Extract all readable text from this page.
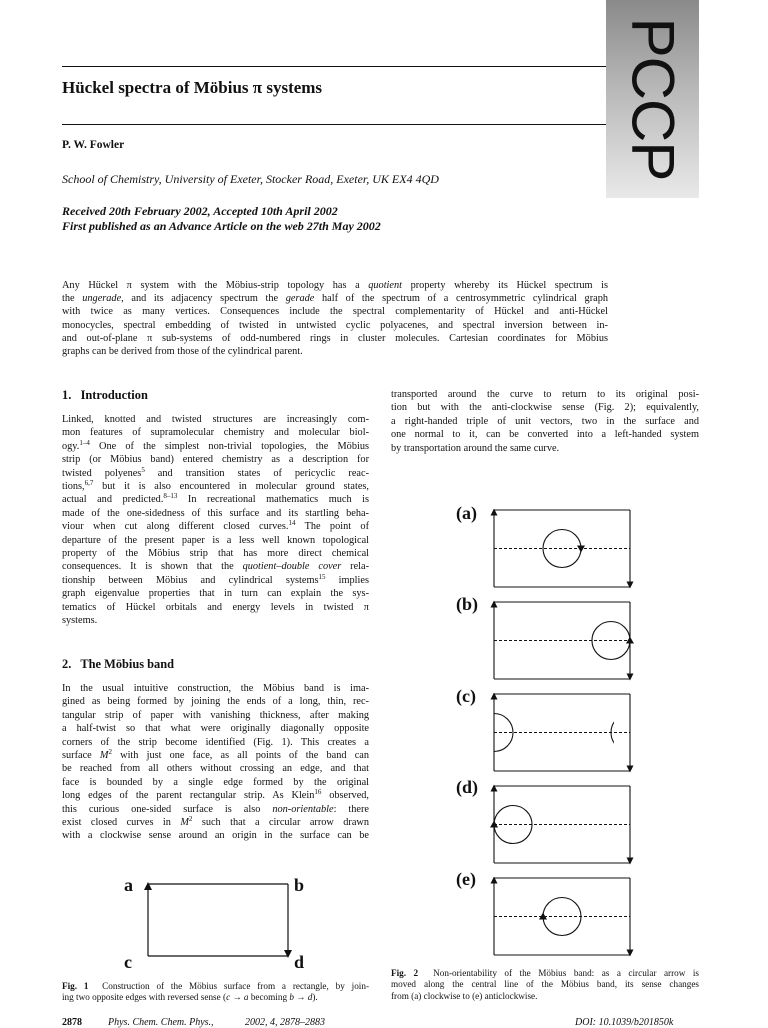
PCCP
Hückel spectra of Möbius π systems
P. W. Fowler
School of Chemistry, University of Exeter, Stocker Road, Exeter, UK EX4 4QD
Received 20th February 2002, Accepted 10th April 2002
First published as an Advance Article on the web 27th May 2002
Any Hückel π system with the Möbius-strip topology has a quotient property whereby its Hückel spectrum is
the ungerade, and its adjacency spectrum the gerade half of the spectrum of a centrosymmetric cylindrical graph
with twice as many vertices. Consequences include the spectral complementarity of Hückel and anti-Hückel
monocycles, spectral embedding of twisted in untwisted cyclic polyacenes, and spectral inversion between in-
and out-of-plane π sub-systems of odd-numbered rings in cluster molecules. Cartesian coordinates for Möbius
graphs can be derived from those of the cylindrical parent.
1. Introduction
Linked, knotted and twisted structures are increasingly com-
mon features of supramolecular chemistry and molecular biol-
ogy.$^{1-4}$ One of the simplest non-trivial topologies, the Möbius
strip (or Möbius band) entered chemistry as a description for
twisted polyenes$^5$ and transition states of pericyclic reac-
tions,$^{6,7}$ but it is also encountered in molecular ground states,
actual and predicted.$^{8-13}$ In recreational mathematics much is
made of the one-sidedness of this surface and its startling beha-
viour when cut along different closed curves.$^{14}$ The point of
departure of the present paper is a less well known topological
property of the Möbius strip that has more direct chemical
consequences. It is shown that the quotient–double cover rela-
tionship between Möbius and cylindrical systems$^{15}$ implies
graph eigenvalue properties that in turn can explain the sys-
tematics of Hückel orbitals and energy levels in twisted π
systems.
2. The Möbius band
In the usual intuitive construction, the Möbius band is ima-
gined as being formed by joining the ends of a long, thin, rec-
tangular strip of paper with vanishing thickness, after making
a half-twist so that what were originally diagonally opposite
corners of the strip become identified (Fig. 1). This creates a
surface $M^2$ with just one face, as all points of the band can
be reached from all others without crossing an edge, and that
face is bounded by a single edge formed by the original
long edges of the parent rectangular strip. As Klein$^{16}$ observed,
this curious one-sided surface is also non-orientable: there
exist closed curves in $M^2$ such that a circular arrow drawn
with a clockwise sense around an origin in the surface can be
transported around the curve to return to its original posi-
tion but with the anti-clockwise sense (Fig. 2); equivalently,
a right-handed triple of unit vectors, two in the surface and
one normal to it, can be converted into a left-handed system
by transportation around the same curve.
a	b
c	d
Fig. 1 Construction of the Möbius surface from a rectangle, by join-
ing two opposite edges with reversed sense (c → a becoming b → d).
(a)
(b)
(c)
(d)
(e)
Fig. 2 Non-orientability of the Möbius band: as a circular arrow is
moved along the central line of the Möbius band, its sense changes
from (a) clockwise to (e) anticlockwise.
2878	Phys. Chem. Chem. Phys.,	2002, 4, 2878–2883	DOI: 10.1039/b201850k
